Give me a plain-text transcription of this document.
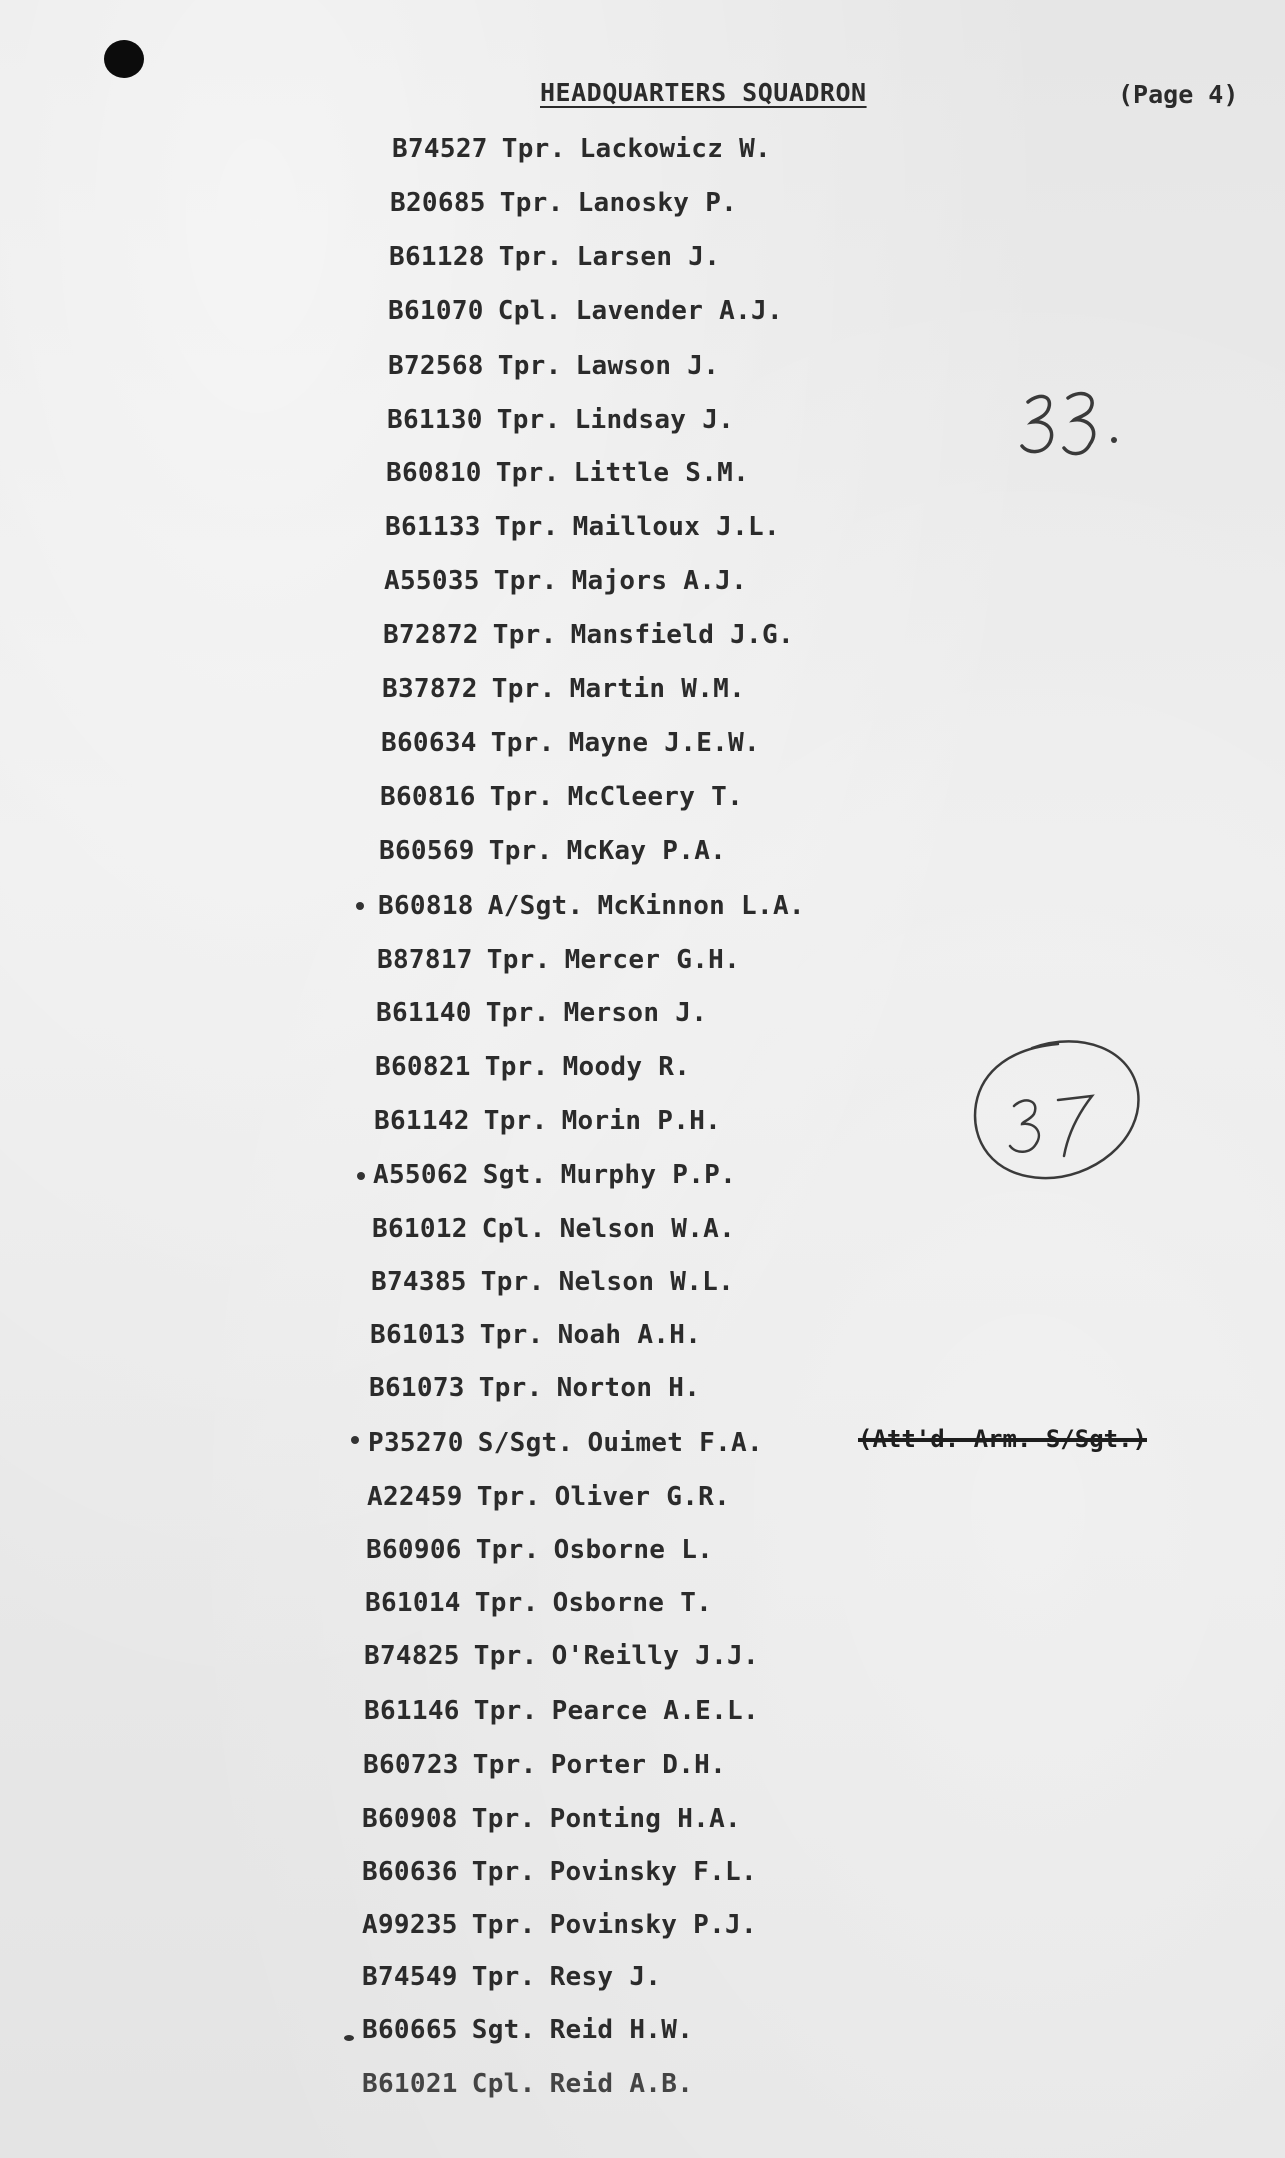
HEADQUARTERS SQUADRON	(Page 4)
B74527 Tpr. Lackowicz W.
B20685 Tpr. Lanosky P.
B61128 Tpr. Larsen J.
B61070 Cpl. Lavender A.J.
B72568 Tpr. Lawson J.
B61130 Tpr. Lindsay J.
B60810 Tpr. Little S.M.
B61133 Tpr. Mailloux J.L.
A55035 Tpr. Majors A.J.
B72872 Tpr. Mansfield J.G.
B37872 Tpr. Martin W.M.
B60634 Tpr. Mayne J.E.W.
B60816 Tpr. McCleery T.
B60569 Tpr. McKay P.A.
B60818 A/Sgt. McKinnon L.A.
B87817 Tpr. Mercer G.H.
B61140 Tpr. Merson J.
B60821 Tpr. Moody R.
B61142 Tpr. Morin P.H.
A55062 Sgt. Murphy P.P.
B61012 Cpl. Nelson W.A.
B74385 Tpr. Nelson W.L.
B61013 Tpr. Noah A.H.
B61073 Tpr. Norton H.
P35270 S/Sgt. Ouimet F.A.
A22459 Tpr. Oliver G.R.
B60906 Tpr. Osborne L.
B61014 Tpr. Osborne T.
B74825 Tpr. O'Reilly J.J.
B61146 Tpr. Pearce A.E.L.
B60723 Tpr. Porter D.H.
B60908 Tpr. Ponting H.A.
B60636 Tpr. Povinsky F.L.
A99235 Tpr. Povinsky P.J.
B74549 Tpr. Resy J.
B60665 Sgt. Reid H.W.
B61021 Cpl. Reid A.B.
(Att'd. Arm. S/Sgt.)
